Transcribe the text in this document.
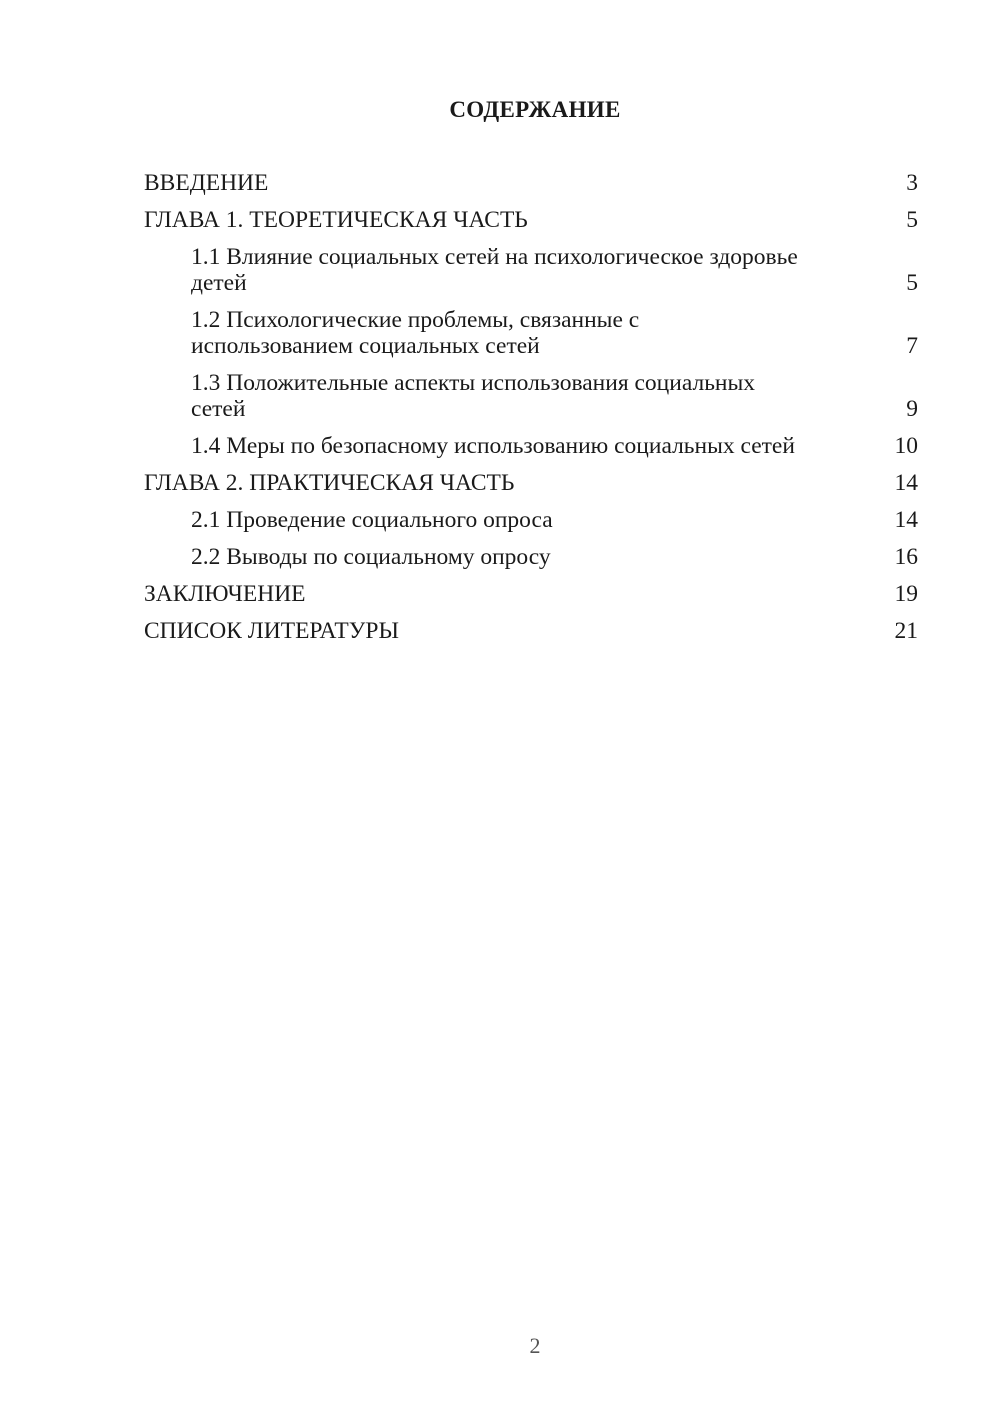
СОДЕРЖАНИЕ
ВВЕДЕНИЕ	3
ГЛАВА 1. ТЕОРЕТИЧЕСКАЯ ЧАСТЬ	5
1.1 Влияние социальных сетей на психологическое здоровье детей	5
1.2 Психологические проблемы, связанные с использованием социальных сетей	7
1.3 Положительные аспекты использования социальных сетей	9
1.4 Меры по безопасному использованию социальных сетей	10
ГЛАВА 2. ПРАКТИЧЕСКАЯ ЧАСТЬ	14
2.1 Проведение социального опроса	14
2.2 Выводы по социальному опросу	16
ЗАКЛЮЧЕНИЕ	19
СПИСОК ЛИТЕРАТУРЫ	21
2
